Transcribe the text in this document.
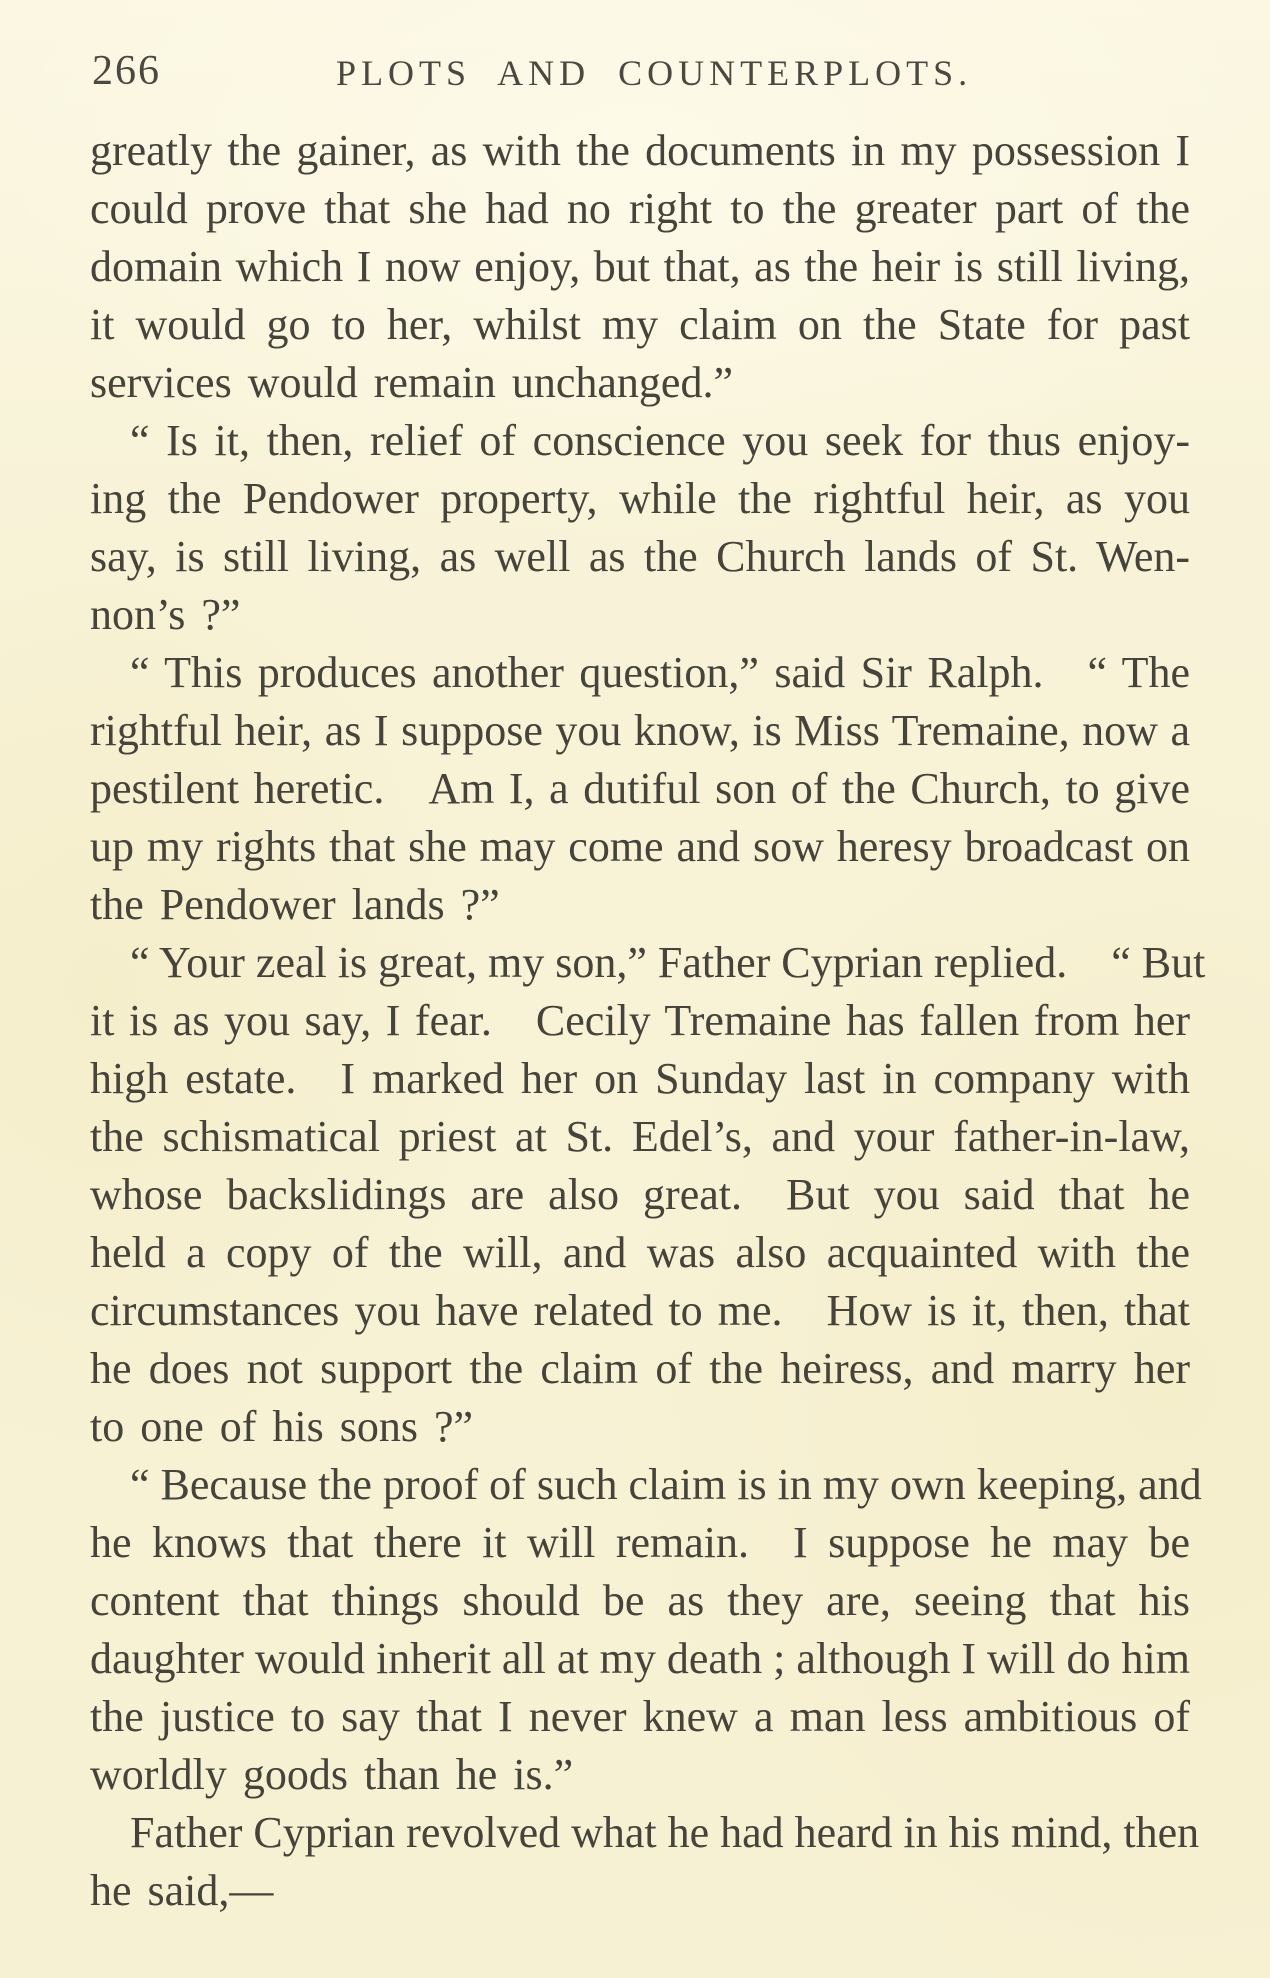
266	PLOTS AND COUNTERPLOTS.
greatly the gainer, as with the documents in my possession I
could prove that she had no right to the greater part of the
domain which I now enjoy, but that, as the heir is still living,
it would go to her, whilst my claim on the State for past
services would remain unchanged.”
“ Is it, then, relief of conscience you seek for thus enjoy-
ing the Pendower property, while the rightful heir, as you
say, is still living, as well as the Church lands of St. Wen-
non’s ?”
“ This produces another question,” said Sir Ralph. “ The
rightful heir, as I suppose you know, is Miss Tremaine, now a
pestilent heretic. Am I, a dutiful son of the Church, to give
up my rights that she may come and sow heresy broadcast on
the Pendower lands ?”
“ Your zeal is great, my son,” Father Cyprian replied. “ But
it is as you say, I fear. Cecily Tremaine has fallen from her
high estate. I marked her on Sunday last in company with
the schismatical priest at St. Edel’s, and your father-in-law,
whose backslidings are also great. But you said that he
held a copy of the will, and was also acquainted with the
circumstances you have related to me. How is it, then, that
he does not support the claim of the heiress, and marry her
to one of his sons ?”
“ Because the proof of such claim is in my own keeping, and
he knows that there it will remain. I suppose he may be
content that things should be as they are, seeing that his
daughter would inherit all at my death ; although I will do him
the justice to say that I never knew a man less ambitious of
worldly goods than he is.”
Father Cyprian revolved what he had heard in his mind, then
he said,—
